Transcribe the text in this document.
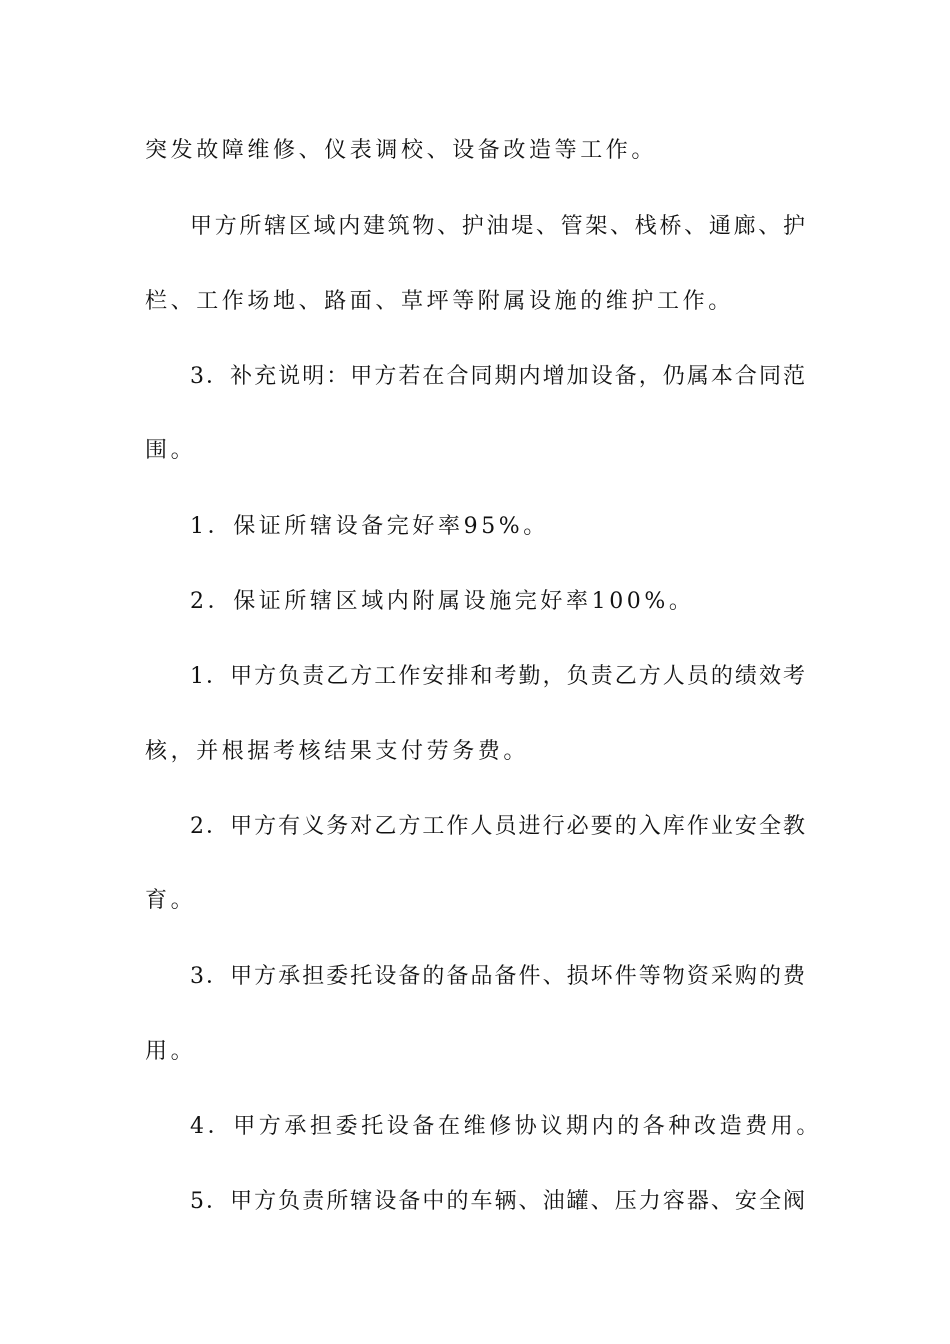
突发故障维修、仪表调校、设备改造等工作。

甲方所辖区域内建筑物、护油堤、管架、栈桥、通廊、护

栏、工作场地、路面、草坪等附属设施的维护工作。

3．补充说明：甲方若在合同期内增加设备，仍属本合同范

围。

1．保证所辖设备完好率95%。

2．保证所辖区域内附属设施完好率100%。

1．甲方负责乙方工作安排和考勤，负责乙方人员的绩效考

核，并根据考核结果支付劳务费。

2．甲方有义务对乙方工作人员进行必要的入库作业安全教

育。

3．甲方承担委托设备的备品备件、损坏件等物资采购的费

用。

4．甲方承担委托设备在维修协议期内的各种改造费用。

5．甲方负责所辖设备中的车辆、油罐、压力容器、安全阀
